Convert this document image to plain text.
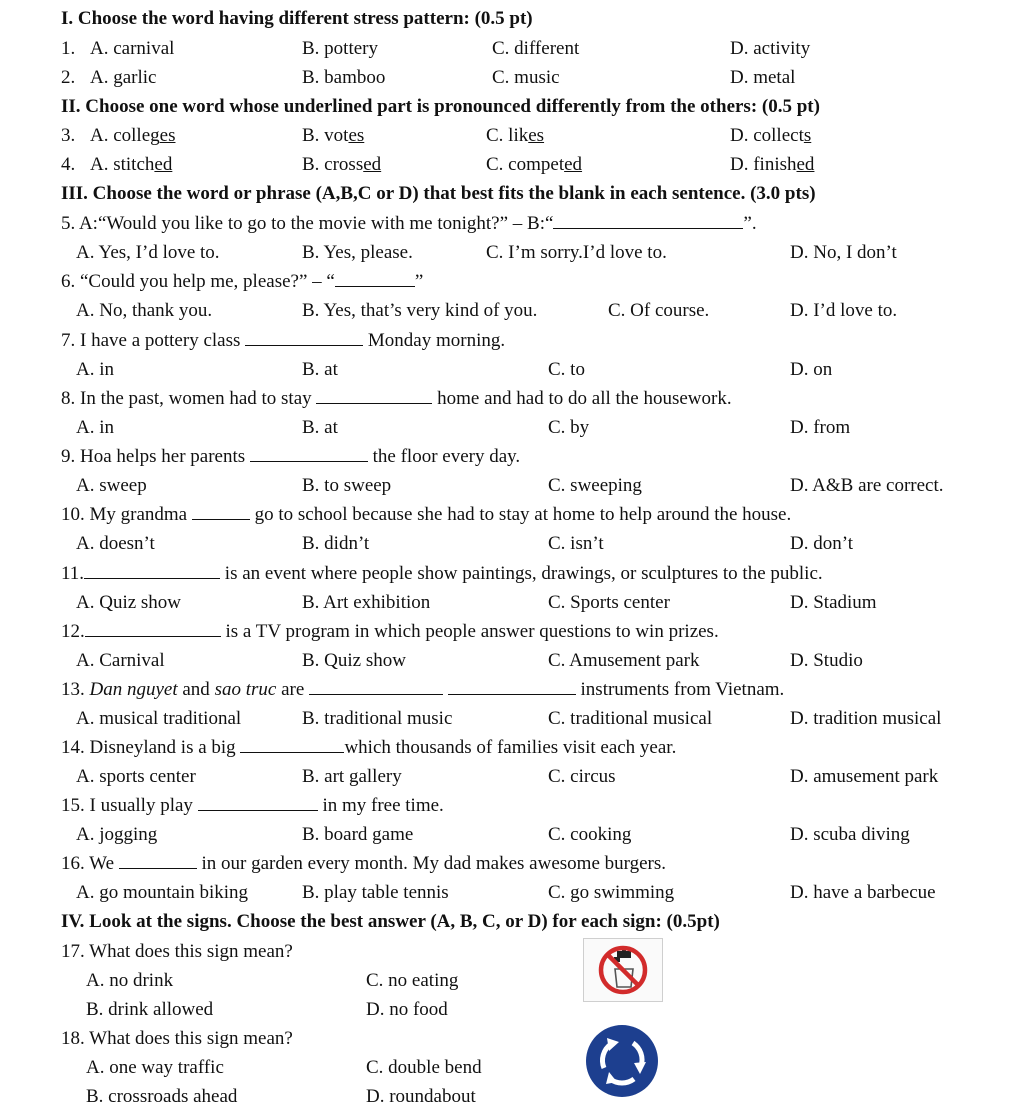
I. Choose the word having different stress pattern: (0.5 pt)
1. A. carnival	B. pottery	C. different	D. activity
2. A. garlic	B. bamboo	C. music	D. metal
II. Choose one word whose underlined part is pronounced differently from the others: (0.5 pt)
3. A. colleges	B. votes	C. likes	D. collects
4. A. stitched	B. crossed	C. competed	D. finished
III. Choose the word or phrase (A,B,C or D) that best fits the blank in each sentence. (3.0 pts)
5. A:“Would you like to go to the movie with me tonight?” – B:“	”.
A. Yes, I’d love to.	B. Yes, please.	C. I’m sorry.I’d love to.	D. No, I don’t
6. “Could you help me, please?” – “	”
A. No, thank you.	B. Yes, that’s very kind of you.	C. Of course.	D. I’d love to.
7. I have a pottery class	Monday morning.
A. in	B. at	C. to	D. on
8. In the past, women had to stay	home and had to do all the housework.
A. in	B. at	C. by	D. from
9. Hoa helps her parents	the floor every day.
A. sweep	B. to sweep	C. sweeping	D. A&B are correct.
10. My grandma	go to school because she had to stay at home to help around the house.
A. doesn’t	B. didn’t	C. isn’t	D. don’t
11.	is an event where people show paintings, drawings, or sculptures to the public.
A. Quiz show	B. Art exhibition	C. Sports center	D. Stadium
12.	is a TV program in which people answer questions to win prizes.
A. Carnival	B. Quiz show	C. Amusement park	D. Studio
13. Dan nguyet and sao truc are	instruments from Vietnam.
A. musical traditional	B. traditional music	C. traditional musical	D. tradition musical
14. Disneyland is a big	which thousands of families visit each year.
A. sports center	B. art gallery	C. circus	D. amusement park
15. I usually play	in my free time.
A. jogging	B. board game	C. cooking	D. scuba diving
16. We	in our garden every month. My dad makes awesome burgers.
A. go mountain biking	B. play table tennis	C. go swimming	D. have a barbecue
IV. Look at the signs. Choose the best answer (A, B, C, or D) for each sign: (0.5pt)
17. What does this sign mean?
A. no drink	C. no eating
B. drink allowed	D. no food
18. What does this sign mean?
A. one way traffic	C. double bend
B. crossroads ahead	D. roundabout
